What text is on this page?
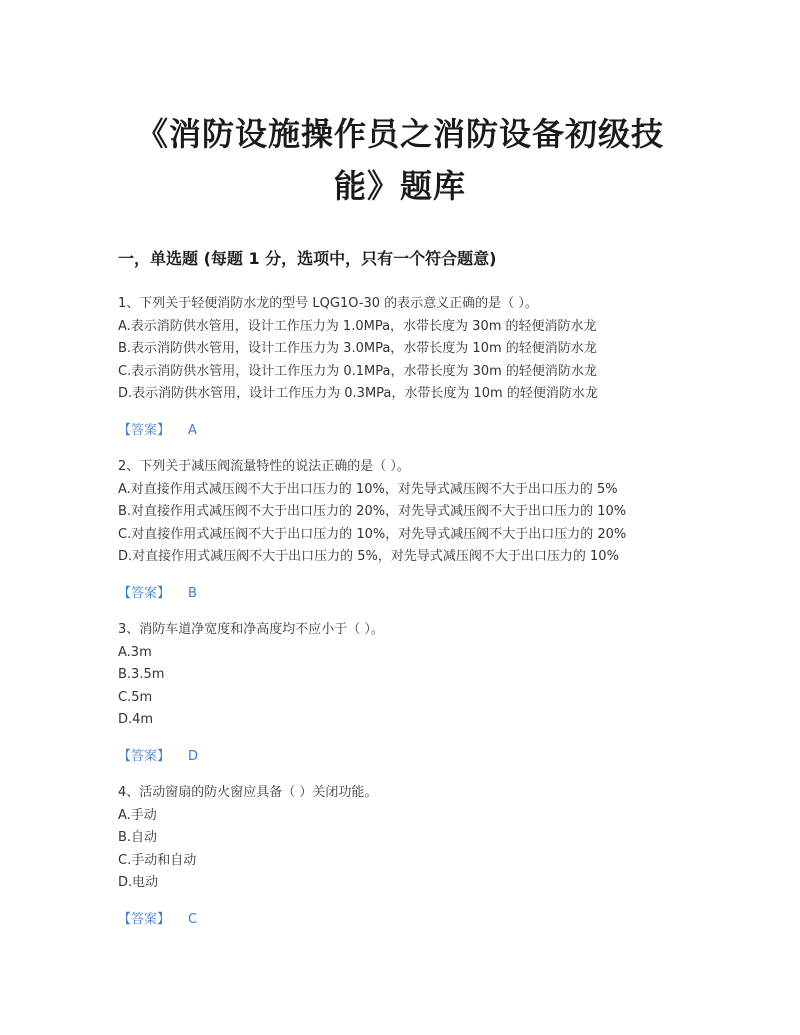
《消防设施操作员之消防设备初级技
能》题库
一，单选题 (每题 1 分，选项中，只有一个符合题意)
1、下列关于轻便消防水龙的型号 LQG1O-30 的表示意义正确的是（ ）。
A.表示消防供水管用，设计工作压力为 1.0MPa，水带长度为 30m 的轻便消防水龙
B.表示消防供水管用，设计工作压力为 3.0MPa，水带长度为 10m 的轻便消防水龙
C.表示消防供水管用，设计工作压力为 0.1MPa，水带长度为 30m 的轻便消防水龙
D.表示消防供水管用，设计工作压力为 0.3MPa，水带长度为 10m 的轻便消防水龙
【答案】 A
2、下列关于减压阀流量特性的说法正确的是（ ）。
A.对直接作用式减压阀不大于出口压力的 10%，对先导式减压阀不大于出口压力的 5%
B.对直接作用式减压阀不大于出口压力的 20%，对先导式减压阀不大于出口压力的 10%
C.对直接作用式减压阀不大于出口压力的 10%，对先导式减压阀不大于出口压力的 20%
D.对直接作用式减压阀不大于出口压力的 5%，对先导式减压阀不大于出口压力的 10%
【答案】 B
3、消防车道净宽度和净高度均不应小于（ ）。
A.3m
B.3.5m
C.5m
D.4m
【答案】 D
4、活动窗扇的防火窗应具备（ ）关闭功能。
A.手动
B.自动
C.手动和自动
D.电动
【答案】 C
